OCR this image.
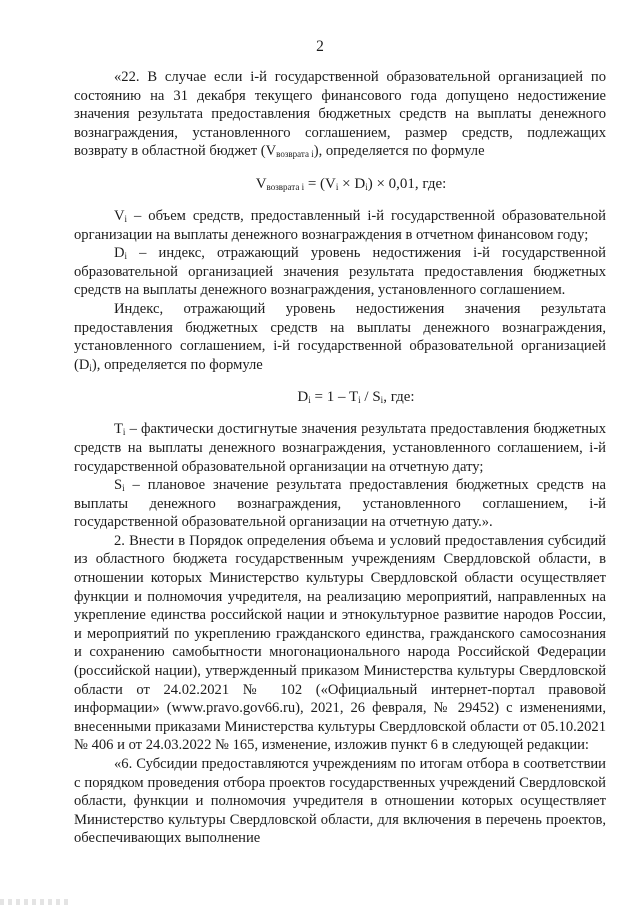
2

«22. В случае если i-й государственной образовательной организацией по состоянию на 31 декабря текущего финансового года допущено недостижение значения результата предоставления бюджетных средств на выплаты денежного вознаграждения, установленного соглашением, размер средств, подлежащих возврату в областной бюджет $(V_{возврата i})$, определяется по формуле

$V_{возврата i} = (V_i \times D_i) \times 0,01$, где:

$V_i$ – объем средств, предоставленный i-й государственной образовательной организации на выплаты денежного вознаграждения в отчетном финансовом году;

$D_i$ – индекс, отражающий уровень недостижения i-й государственной образовательной организацией значения результата предоставления бюджетных средств на выплаты денежного вознаграждения, установленного соглашением.

Индекс, отражающий уровень недостижения значения результата предоставления бюджетных средств на выплаты денежного вознаграждения, установленного соглашением, i-й государственной образовательной организацией $(D_i)$, определяется по формуле

$D_i = 1 - T_i / S_i$, где:

$T_i$ – фактически достигнутые значения результата предоставления бюджетных средств на выплаты денежного вознаграждения, установленного соглашением, i-й государственной образовательной организации на отчетную дату;

$S_i$ – плановое значение результата предоставления бюджетных средств на выплаты денежного вознаграждения, установленного соглашением, i-й государственной образовательной организации на отчетную дату.».

2. Внести в Порядок определения объема и условий предоставления субсидий из областного бюджета государственным учреждениям Свердловской области, в отношении которых Министерство культуры Свердловской области осуществляет функции и полномочия учредителя, на реализацию мероприятий, направленных на укрепление единства российской нации и этнокультурное развитие народов России, и мероприятий по укреплению гражданского единства, гражданского самосознания и сохранению самобытности многонационального народа Российской Федерации (российской нации), утвержденный приказом Министерства культуры Свердловской области от 24.02.2021 № 102 («Официальный интернет-портал правовой информации» (www.pravo.gov66.ru), 2021, 26 февраля, № 29452) с изменениями, внесенными приказами Министерства культуры Свердловской области от 05.10.2021 № 406 и от 24.03.2022 № 165, изменение, изложив пункт 6 в следующей редакции:

«6. Субсидии предоставляются учреждениям по итогам отбора в соответствии с порядком проведения отбора проектов государственных учреждений Свердловской области, функции и полномочия учредителя в отношении которых осуществляет Министерство культуры Свердловской области, для включения в перечень проектов, обеспечивающих выполнение
